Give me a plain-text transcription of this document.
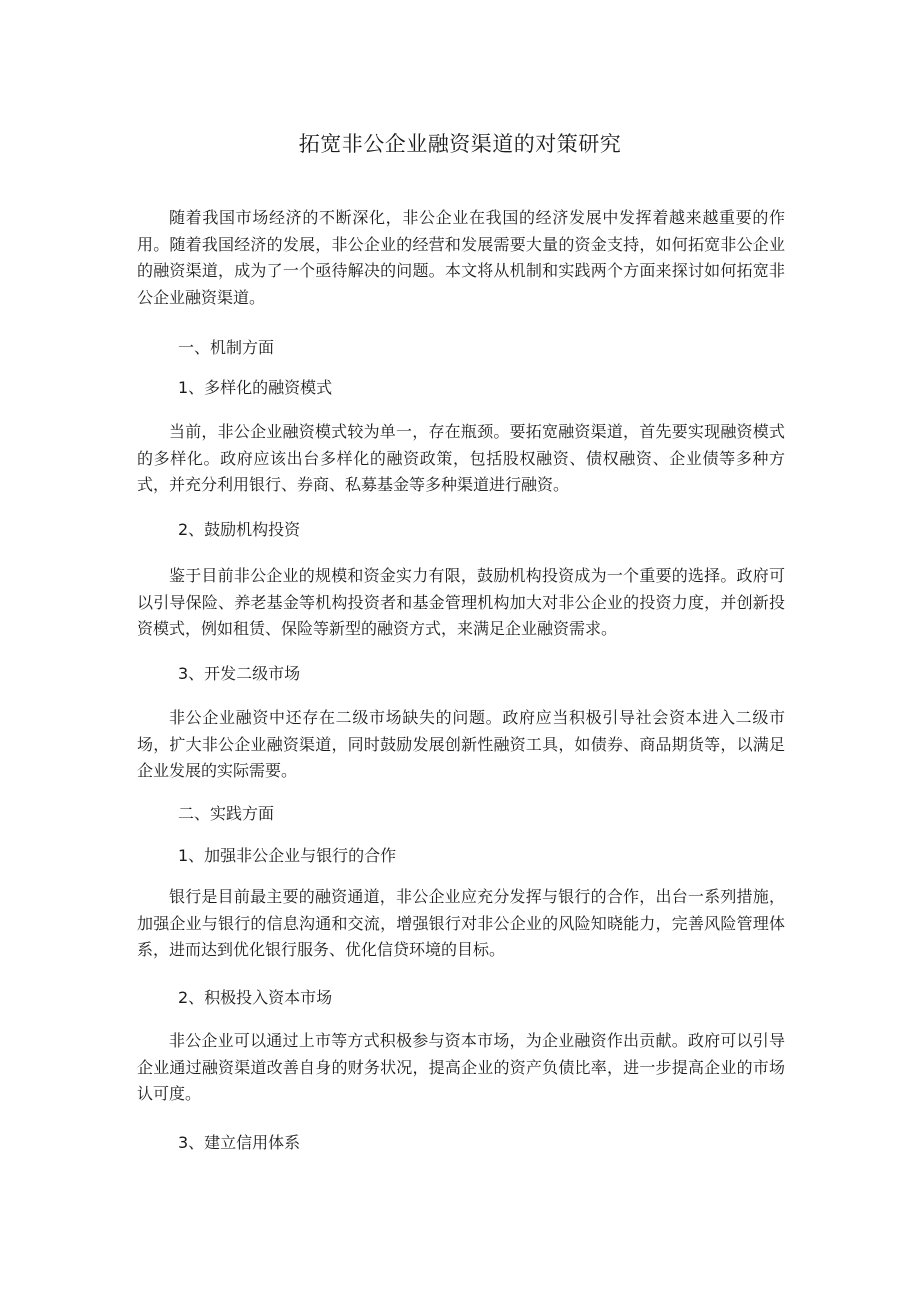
拓宽非公企业融资渠道的对策研究

随着我国市场经济的不断深化，非公企业在我国的经济发展中发挥着越来越重要的作用。随着我国经济的发展，非公企业的经营和发展需要大量的资金支持，如何拓宽非公企业的融资渠道，成为了一个亟待解决的问题。本文将从机制和实践两个方面来探讨如何拓宽非公企业融资渠道。

一、机制方面

1、多样化的融资模式

当前，非公企业融资模式较为单一，存在瓶颈。要拓宽融资渠道，首先要实现融资模式的多样化。政府应该出台多样化的融资政策，包括股权融资、债权融资、企业债等多种方式，并充分利用银行、券商、私募基金等多种渠道进行融资。

2、鼓励机构投资

鉴于目前非公企业的规模和资金实力有限，鼓励机构投资成为一个重要的选择。政府可以引导保险、养老基金等机构投资者和基金管理机构加大对非公企业的投资力度，并创新投资模式，例如租赁、保险等新型的融资方式，来满足企业融资需求。

3、开发二级市场

非公企业融资中还存在二级市场缺失的问题。政府应当积极引导社会资本进入二级市场，扩大非公企业融资渠道，同时鼓励发展创新性融资工具，如债券、商品期货等，以满足企业发展的实际需要。

二、实践方面

1、加强非公企业与银行的合作

银行是目前最主要的融资通道，非公企业应充分发挥与银行的合作，出台一系列措施，加强企业与银行的信息沟通和交流，增强银行对非公企业的风险知晓能力，完善风险管理体系，进而达到优化银行服务、优化信贷环境的目标。

2、积极投入资本市场

非公企业可以通过上市等方式积极参与资本市场，为企业融资作出贡献。政府可以引导企业通过融资渠道改善自身的财务状况，提高企业的资产负债比率，进一步提高企业的市场认可度。

3、建立信用体系
